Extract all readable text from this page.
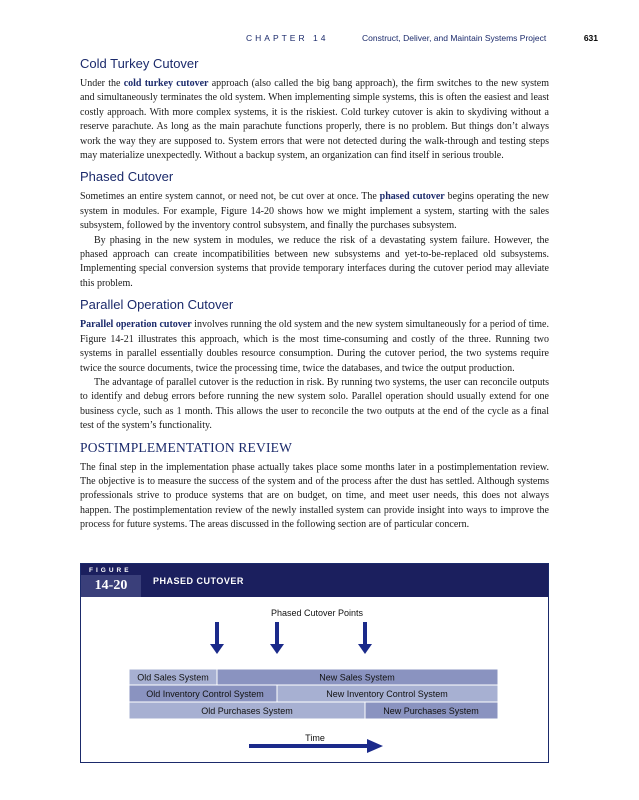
CHAPTER 14	Construct, Deliver, and Maintain Systems Project	631
Cold Turkey Cutover

Under the cold turkey cutover approach (also called the big bang approach), the firm switches to the new system and simultaneously terminates the old system. When implementing simple systems, this is often the easiest and least costly approach. With more complex systems, it is the riskiest. Cold turkey cutover is akin to skydiving without a reserve parachute. As long as the main parachute functions properly, there is no problem. But things don’t always work the way they are supposed to. System errors that were not detected during the walk-through and testing steps may materialize unexpectedly. Without a backup system, an organization can find itself in serious trouble.

Phased Cutover

Sometimes an entire system cannot, or need not, be cut over at once. The phased cutover begins operating the new system in modules. For example, Figure 14-20 shows how we might implement a system, starting with the sales subsystem, followed by the inventory control subsystem, and finally the purchases subsystem.

By phasing in the new system in modules, we reduce the risk of a devastating system failure. However, the phased approach can create incompatibilities between new subsystems and yet-to-be-replaced old subsystems. Implementing special conversion systems that provide temporary interfaces during the cutover period may alleviate this problem.

Parallel Operation Cutover

Parallel operation cutover involves running the old system and the new system simultaneously for a period of time. Figure 14-21 illustrates this approach, which is the most time-consuming and costly of the three. Running two systems in parallel essentially doubles resource consumption. During the cutover period, the two systems require twice the source documents, twice the processing time, twice the databases, and twice the output production.

The advantage of parallel cutover is the reduction in risk. By running two systems, the user can reconcile outputs to identify and debug errors before running the new system solo. Parallel operation should usually extend for one business cycle, such as 1 month. This allows the user to reconcile the two outputs at the end of the cycle as a final test of the system’s functionality.

POSTIMPLEMENTATION REVIEW

The final step in the implementation phase actually takes place some months later in a postimplementation review. The objective is to measure the success of the system and of the process after the dust has settled. Although systems professionals strive to produce systems that are on budget, on time, and meet user needs, this does not always happen. The postimplementation review of the newly installed system can provide insight into ways to improve the process for future systems. The areas discussed in the following section are of particular concern.

FIGURE
14-20	PHASED CUTOVER
Phased Cutover Points
Old Sales System	New Sales System
Old Inventory Control System	New Inventory Control System
Old Purchases System	New Purchases System
Time
